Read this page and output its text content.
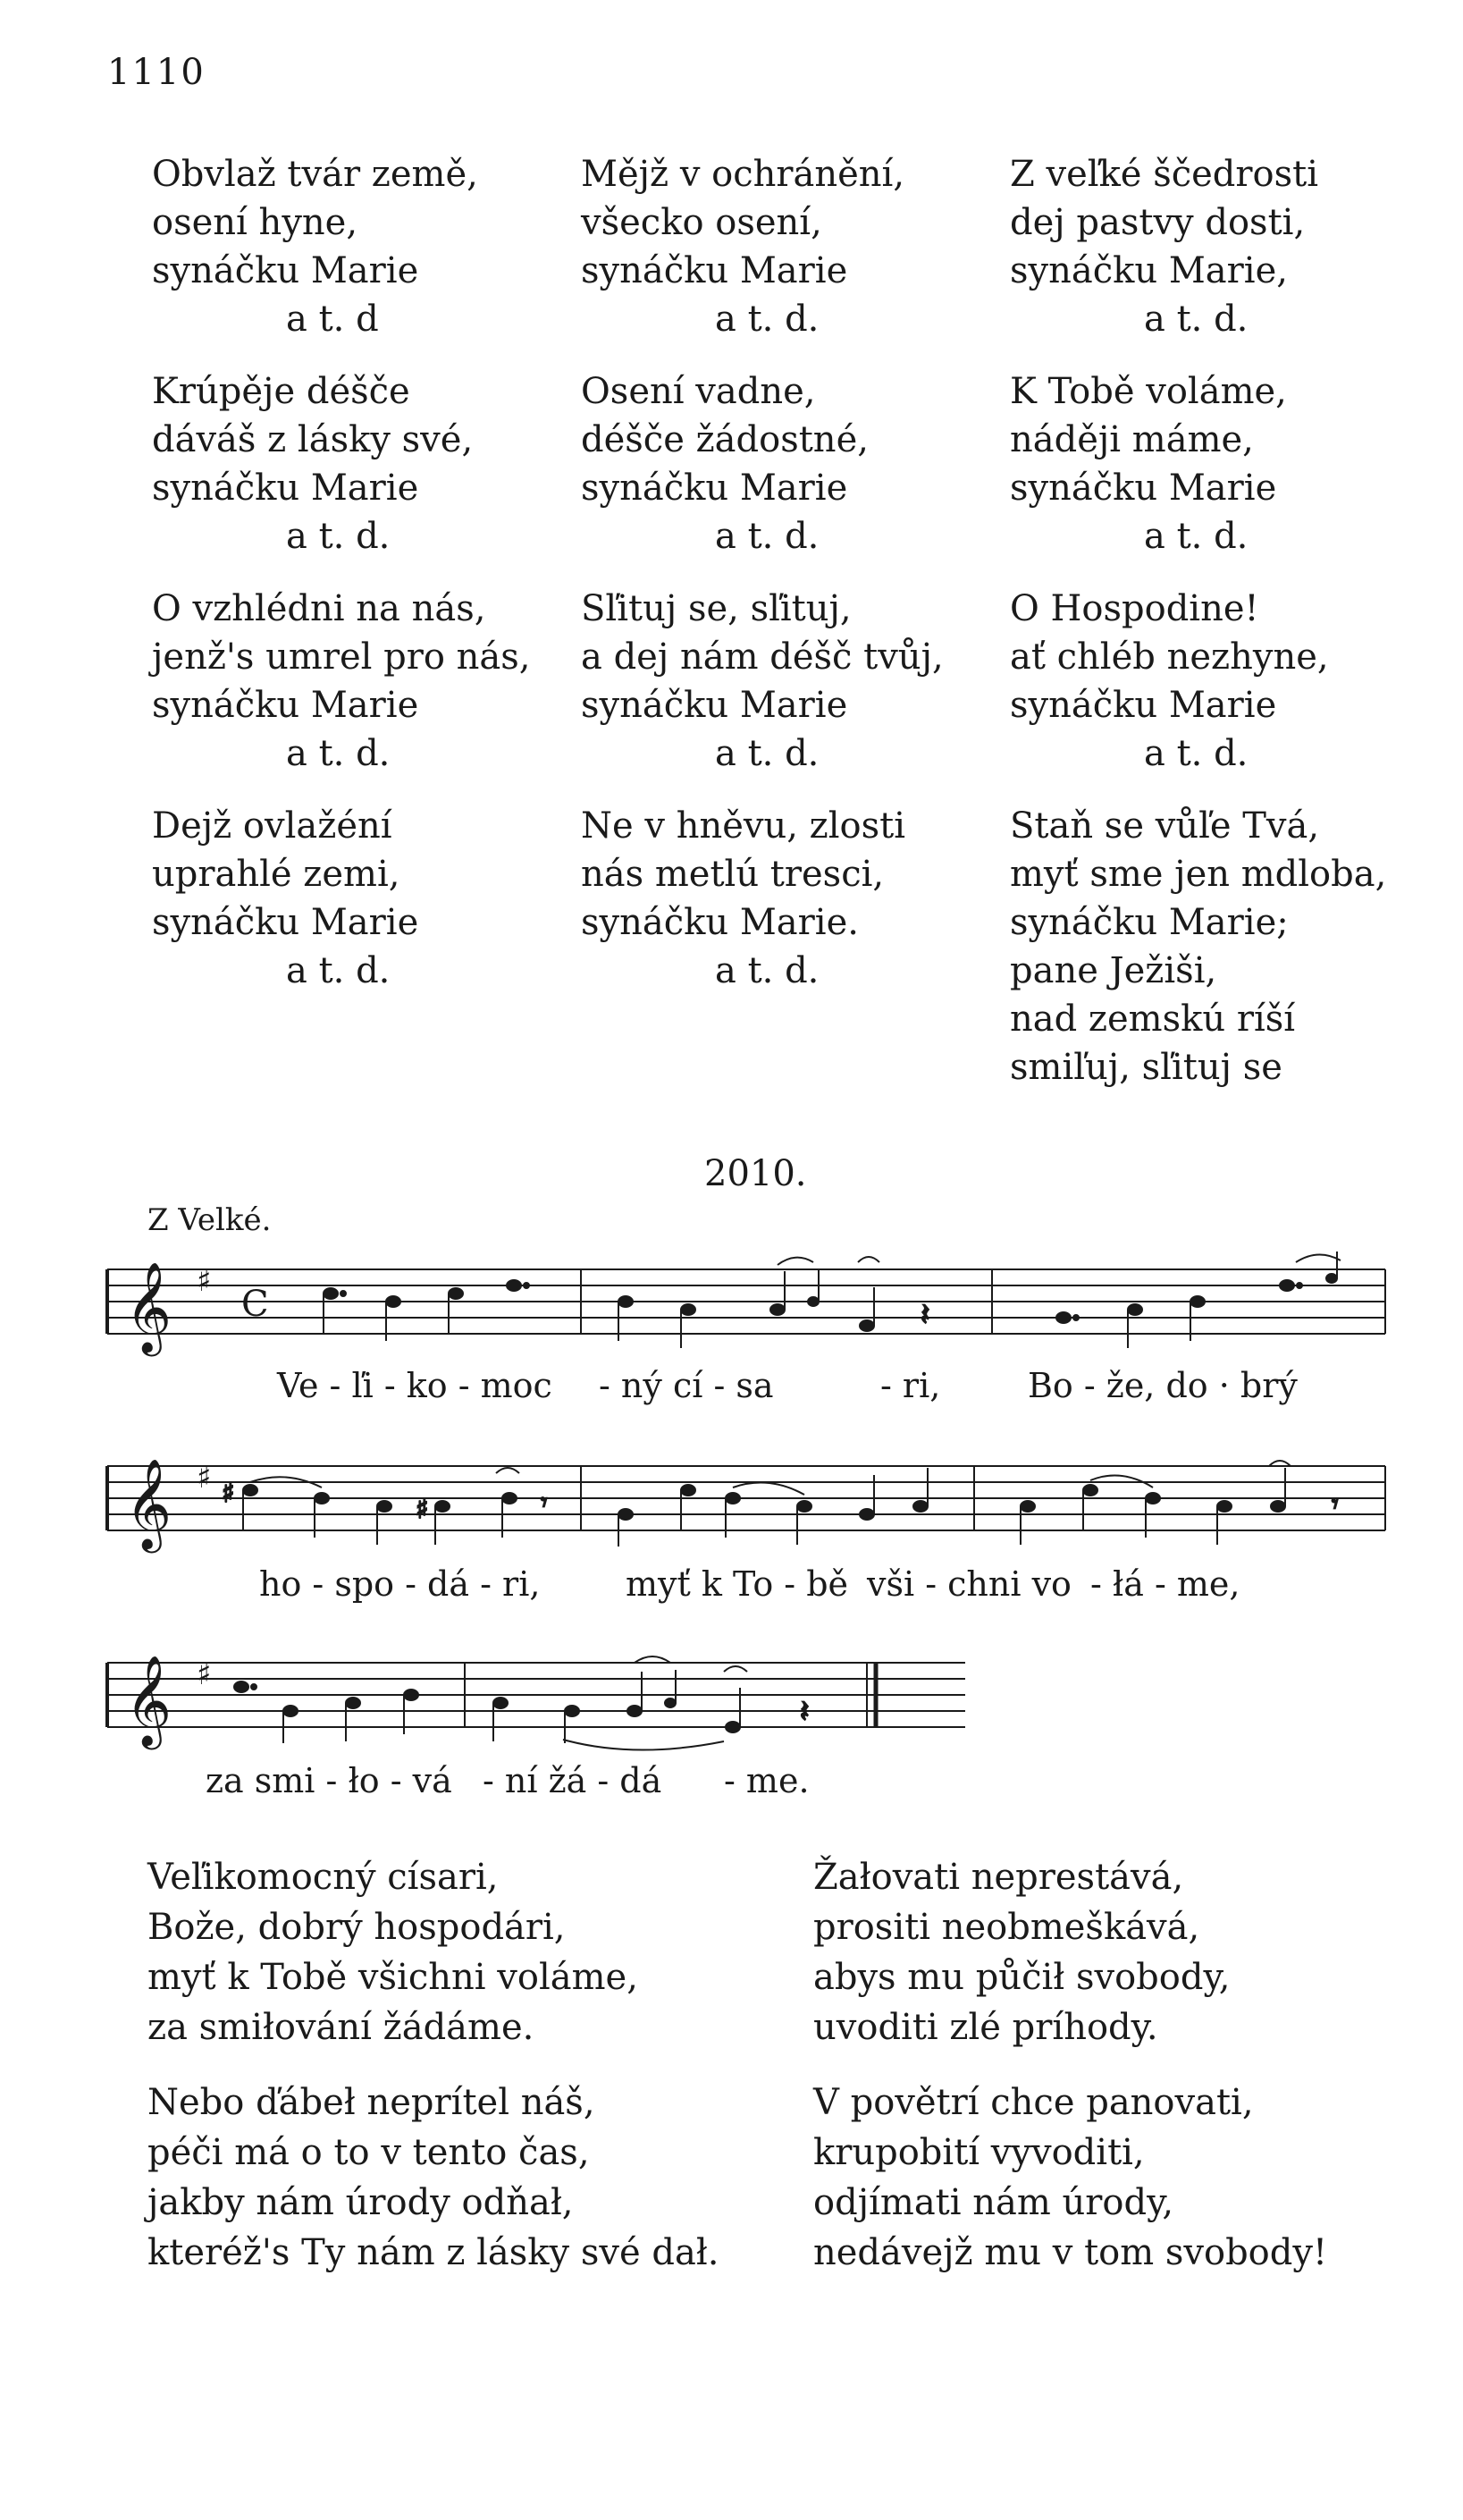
1110
Obvlaž tvár země,
osení hyne,
synáčku Marie
a t. d
Krúpěje déšče
dáváš z lásky své,
synáčku Marie
a t. d.
O vzhlédni na nás,
jenž's umrel pro nás,
synáčku Marie
a t. d.
Dejž ovlažéní
uprahlé zemi,
synáčku Marie
a t. d.
Mějž v ochránění,
všecko osení,
synáčku Marie
a t. d.
Osení vadne,
déšče žádostné,
synáčku Marie
a t. d.
Sľituj se, sľituj,
a dej nám déšč tvůj,
synáčku Marie
a t. d.
Ne v hněvu, zlosti
nás metlú tresci,
synáčku Marie.
a t. d.
Z veľké ščedrosti
dej pastvy dosti,
synáčku Marie,
a t. d.
K Tobě voláme,
náději máme,
synáčku Marie
a t. d.
O Hospodine!
ať chléb nezhyne,
synáčku Marie
a t. d.
Staň se vůľe Tvá,
myť sme jen mdloba,
synáčku Marie;
pane Ježiši,
nad zemskú ríší
smiľuj, sľituj se
2010.
Z Velké.
𝄞 ♯
C	𝄽
Ve - ľi - ko - moc - ný cí - sa	- ri,	Bo - že, do · brý
𝄞 ♯ ♯
♯	𝄾	𝄾
ho - spo - dá - ri,	myť k To - bě vši - chni vo - łá - me,
𝄞 ♯
𝄽
za smi - ło - vá - ní žá - dá - me.
Veľikomocný císari,
Bože, dobrý hospodári,
myť k Tobě všichni voláme,
za smiłování žádáme.
Nebo ďábeł neprítel náš,
péči má o to v tento čas,
jakby nám úrody odňał,
kteréž's Ty nám z lásky své dał.
Žałovati neprestává,
prositi neobmeškává,
abys mu půčił svobody,
uvoditi zlé príhody.
V povětrí chce panovati,
krupobití vyvoditi,
odjímati nám úrody,
nedávejž mu v tom svobody!
